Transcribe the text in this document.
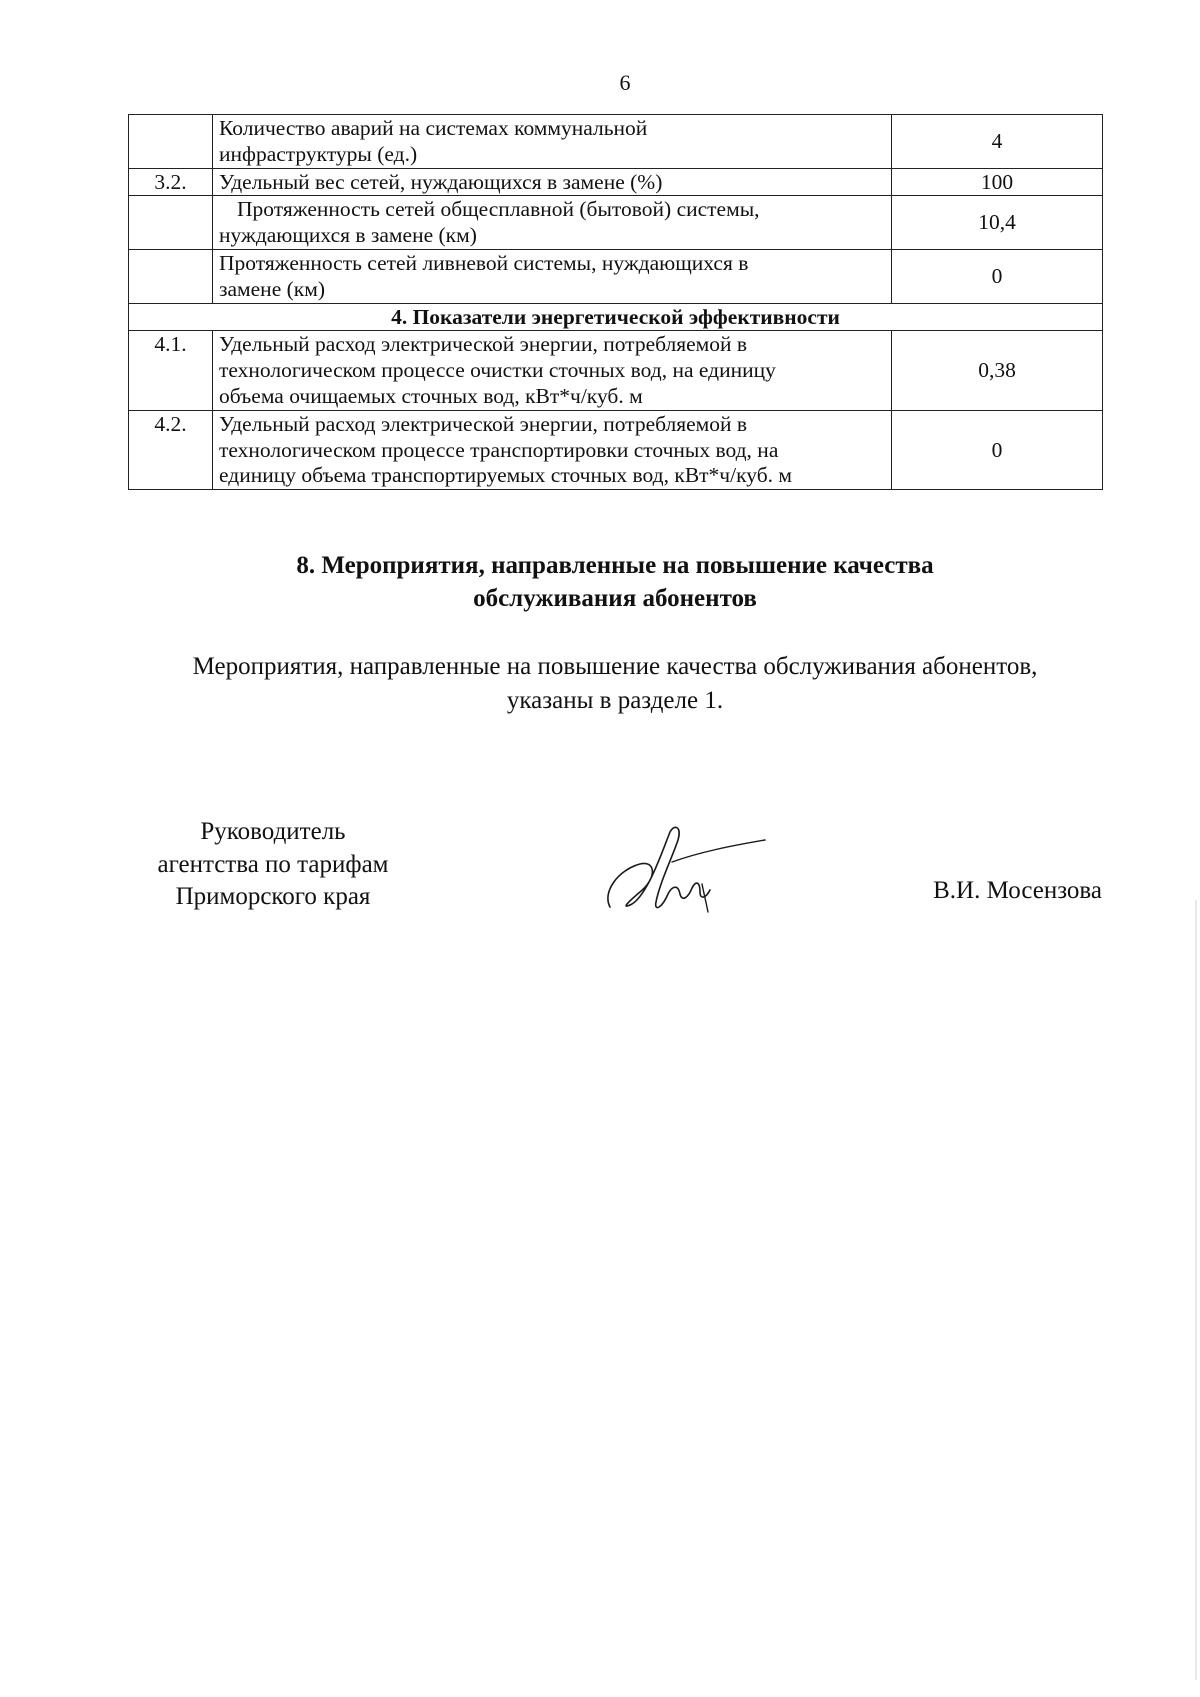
6

	Количество аварий на системах коммунальной
инфраструктуры (ед.)	4
3.2.	Удельный вес сетей, нуждающихся в замене (%)	100

	Протяженность сетей общесплавной (бытовой) системы,
нуждающихся в замене (км)	10,4

	Протяженность сетей ливневой системы, нуждающихся в
замене (км)	0
4. Показатели энергетической эффективности		
4.1.	Удельный расход электрической энергии, потребляемой в
технологическом процессе очистки сточных вод, на единицу
объема очищаемых сточных вод, кВт*ч/куб. м	0,38
4.2.	Удельный расход электрической энергии, потребляемой в
технологическом процессе транспортировки сточных вод, на
единицу объема транспортируемых сточных вод, кВт*ч/куб. м	0
8. Мероприятия, направленные на повышение качества
обслуживания абонентов
Мероприятия, направленные на повышение качества обслуживания абонентов,
указаны в разделе 1.
Руководитель
агентства по тарифам
Приморского края	В.И. Мосензова
